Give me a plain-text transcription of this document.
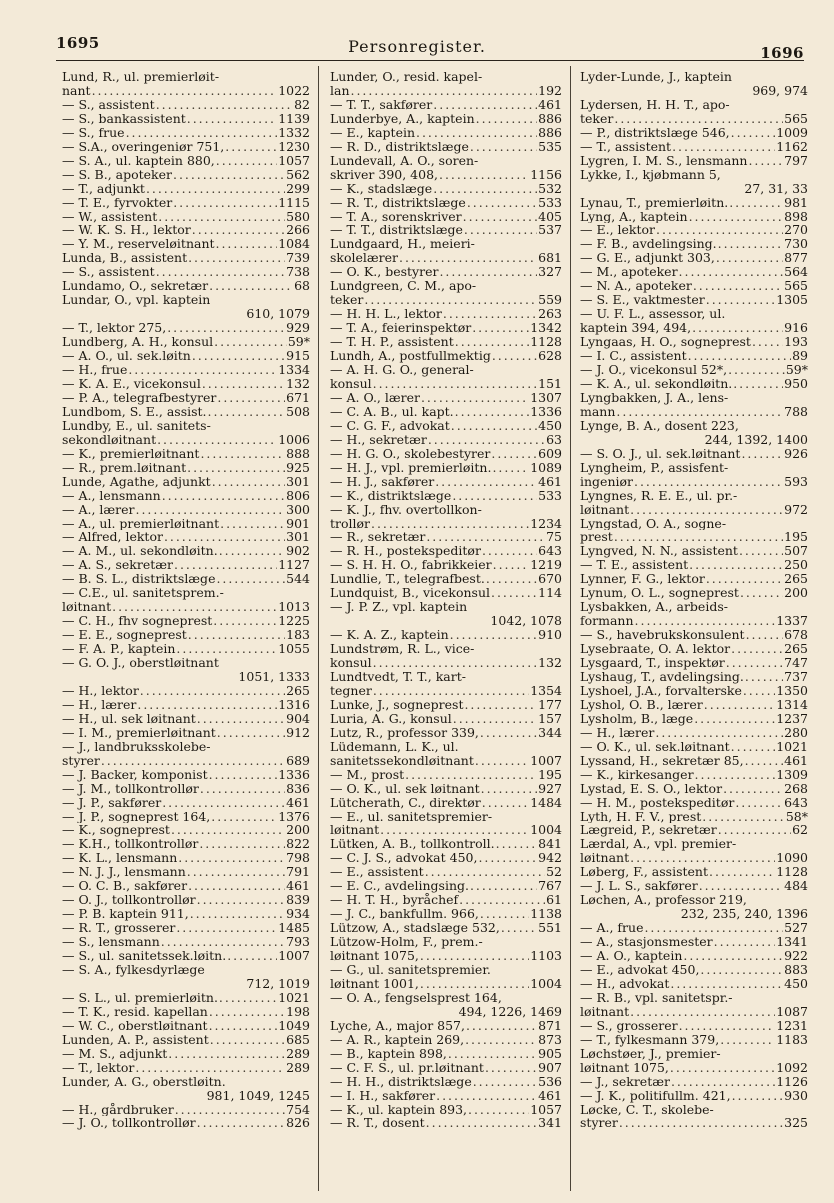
1695	Personregister.	1696
Lund, R., ul. premierløit-
nant . . .	1022
— S., assistent . . .	82
— S., bankassistent . . .	1139
— S., frue . . .	1332
— S.A., overingeniør 751, . . .	1230
— S. A., ul. kaptein 880, . . .	1057
— S. B., apoteker . . .	562
— T., adjunkt . . .	299
— T. E., fyrvokter . . .	1115
— W., assistent . . .	580
— W. K. S. H., lektor . . .	266
— Y. M., reserveløitnant . . .	1084
Lunda, B., assistent . . .	739
— S., assistent . . .	738
Lundamo, O., sekretær . . .	68
Lundar, O., vpl. kaptein
610, 1079
— T., lektor 275, . . .	929
Lundberg, A. H., konsul . . .	59*
— A. O., ul. sek.løitn . . .	915
— H., frue . . .	1334
— K. A. E., vicekonsul . . .	132
— P. A., telegrafbestyrer . . .	671
Lundbom, S. E., assist. . . .	508
Lundby, E., ul. sanitets-
sekondløitnant . . .	1006
— K., premierløitnant . . .	888
— R., prem.løitnant . . .	925
Lunde, Agathe, adjunkt . . .	301
— A., lensmann . . .	806
— A., lærer . . .	300
— A., ul. premierløitnant . . .	901
— Alfred, lektor . . .	301
— A. M., ul. sekondløitn. . . .	902
— A. S., sekretær . . .	1127
— B. S. L., distriktslæge . . .	544
— C.E., ul. sanitetsprem.-
løitnant . . .	1013
— C. H., fhv sogneprest . . .	1225
— E. E., sogneprest . . .	183
— F. A. P., kaptein . . .	1055
— G. O. J., oberstløitnant
1051, 1333
— H., lektor . . .	265
— H., lærer . . .	1316
— H., ul. sek løitnant . . .	904
— I. M., premierløitnant . . .	912
— J., landbruksskolebe-
styrer . . .	689
— J. Backer, komponist . . .	1336
— J. M., tollkontrollør . . .	836
— J. P., sakfører . . .	461
— J. P., sogneprest 164, . . .	1376
— K., sogneprest . . .	200
— K.H., tollkontrollør . . .	822
— K. L., lensmann . . .	798
— N. J. J., lensmann . . .	791
— O. C. B., sakfører . . .	461
— O. J., tollkontrollør . . .	839
— P. B. kaptein 911, . . .	934
— R. T., grosserer . . .	1485
— S., lensmann . . .	793
— S., ul. sanitetssek.løitn. . . .	1007
— S. A., fylkesdyrlæge
712, 1019
— S. L., ul. premierløitn. . . .	1021
— T. K., resid. kapellan . . .	198
— W. C., oberstløitnant . . .	1049
Lunden, A. P., assistent . . .	685
— M. S., adjunkt . . .	289
— T., lektor . . .	289
Lunder, A. G., oberstløitn.
981, 1049, 1245
— H., gårdbruker . . .	754
— J. O., tollkontrollør . . .	826
Lunder, O., resid. kapel-
lan . . .	192
— T. T., sakfører . . .	461
Lunderbye, A., kaptein . . .	886
— E., kaptein . . .	886
— R. D., distriktslæge . . .	535
Lundevall, A. O., soren-
skriver 390, 408, . . .	1156
— K., stadslæge . . .	532
— R. T., distriktslæge . . .	533
— T. A., sorenskriver . . .	405
— T. T., distriktslæge . . .	537
Lundgaard, H., meieri-
skolelærer . . .	681
— O. K., bestyrer . . .	327
Lundgreen, C. M., apo-
teker . . .	559
— H. H. L., lektor . . .	263
— T. A., feierinspektør . . .	1342
— T. H. P., assistent . . .	1128
Lundh, A., postfullmektig . . .	628
— A. H. G. O., general-
konsul . . .	151
— A. O., lærer . . .	1307
— C. A. B., ul. kapt. . . .	1336
— C. G. F., advokat . . .	450
— H., sekretær . . .	63
— H. G. O., skolebestyrer . . .	609
— H. J., vpl. premierløitn. . . .	1089
— H. J., sakfører . . .	461
— K., distriktslæge . . .	533
— K. J., fhv. overtollkon-
trollør . . .	1234
— R., sekretær . . .	75
— R. H., postekspeditør . . .	643
— S. H. H. O., fabrikkeier . . .	1219
Lundlie, T., telegrafbest. . . .	670
Lundquist, B., vicekonsul . . .	114
— J. P. Z., vpl. kaptein
1042, 1078
— K. A. Z., kaptein . . .	910
Lundstrøm, R. L., vice-
konsul . . .	132
Lundtvedt, T. T., kart-
tegner . . .	1354
Lunke, J., sogneprest . . .	177
Luria, A. G., konsul . . .	157
Lutz, R., professor 339, . . .	344
Lüdemann, L. K., ul.
sanitetssekondløitnant . . .	1007
— M., prost . . .	195
— O. K., ul. sek løitnant . . .	927
Lütcherath, C., direktør . . .	1484
— E., ul. sanitetspremier-
løitnant . . .	1004
Lütken, A. B., tollkontroll. . . .	841
— C. J. S., advokat 450, . . .	942
— E., assistent . . .	52
— E. C., avdelingsing. . . .	767
— H. T. H., byråchef . . .	61
— J. C., bankfullm. 966, . . .	1138
Lützow, A., stadslæge 532, . . .	551
Lützow-Holm, F., prem.-
løitnant 1075, . . .	1103
— G., ul. sanitetspremier.
løitnant 1001, . . .	1004
— O. A., fengselsprest 164,
494, 1226, 1469
Lyche, A., major 857, . . .	871
— A. R., kaptein 269, . . .	873
— B., kaptein 898, . . .	905
— C. F. S., ul. pr.løitnant . . .	907
— H. H., distriktslæge . . .	536
— I. H., sakfører . . .	461
— K., ul. kaptein 893, . . .	1057
— R. T., dosent . . .	341
Lyder-Lunde, J., kaptein
969, 974
Lydersen, H. H. T., apo-
teker . . .	565
— P., distriktslæge 546, . . .	1009
— T., assistent . . .	1162
Lygren, I. M. S., lensmann . . .	797
Lykke, I., kjøbmann 5,
27, 31, 33
Lynau, T., premierløitn. . . .	981
Lyng, A., kaptein . . .	898
— E., lektor . . .	270
— F. B., avdelingsing. . . .	730
— G. E., adjunkt 303, . . .	877
— M., apoteker . . .	564
— N. A., apoteker . . .	565
— S. E., vaktmester . . .	1305
— U. F. L., assessor, ul.
kaptein 394, 494, . . .	916
Lyngaas, H. O., sogneprest . . .	193
— I. C., assistent . . .	89
— J. O., vicekonsul 52*, . . .	59*
— K. A., ul. sekondløitn. . . .	950
Lyngbakken, J. A., lens-
mann . . .	788
Lynge, B. A., dosent 223,
244, 1392, 1400
— S. O. J., ul. sek.løitnant . . .	926
Lyngheim, P., assisfent-
ingeniør . . .	593
Lyngnes, R. E. E., ul. pr.-
løitnant . . .	972
Lyngstad, O. A., sogne-
prest . . .	195
Lyngved, N. N., assistent . . .	507
— T. E., assistent . . .	250
Lynner, F. G., lektor . . .	265
Lynum, O. L., sogneprest . . .	200
Lysbakken, A., arbeids-
formann . . .	1337
— S., havebrukskonsulent . . .	678
Lysebraate, O. A. lektor . . .	265
Lysgaard, T., inspektør . . .	747
Lyshaug, T., avdelingsing. . . .	737
Lyshoel, J.A., forvalterske . . .	1350
Lyshol, O. B., lærer . . .	1314
Lysholm, B., læge . . .	1237
— H., lærer . . .	280
— O. K., ul. sek.løitnant . . .	1021
Lyssand, H., sekretær 85, . . .	461
— K., kirkesanger . . .	1309
Lystad, E. S. O., lektor . . .	268
— H. M., postekspeditør . . .	643
Lyth, H. F. V., prest . . .	58*
Lægreid, P., sekretær . . .	62
Lærdal, A., vpl. premier-
løitnant . . .	1090
Løberg, F., assistent . . .	1128
— J. L. S., sakfører . . .	484
Løchen, A., professor 219,
232, 235, 240, 1396
— A., frue . . .	527
— A., stasjonsmester . . .	1341
— A. O., kaptein . . .	922
— E., advokat 450, . . .	883
— H., advokat . . .	450
— R. B., vpl. sanitetspr.-
løitnant . . .	1087
— S., grosserer . . .	1231
— T., fylkesmann 379, . . .	1183
Løchstøer, J., premier-
løitnant 1075, . . .	1092
— J., sekretær . . .	1126
— J. K., politifullm. 421, . . .	930
Løcke, C. T., skolebe-
styrer . . .	325
